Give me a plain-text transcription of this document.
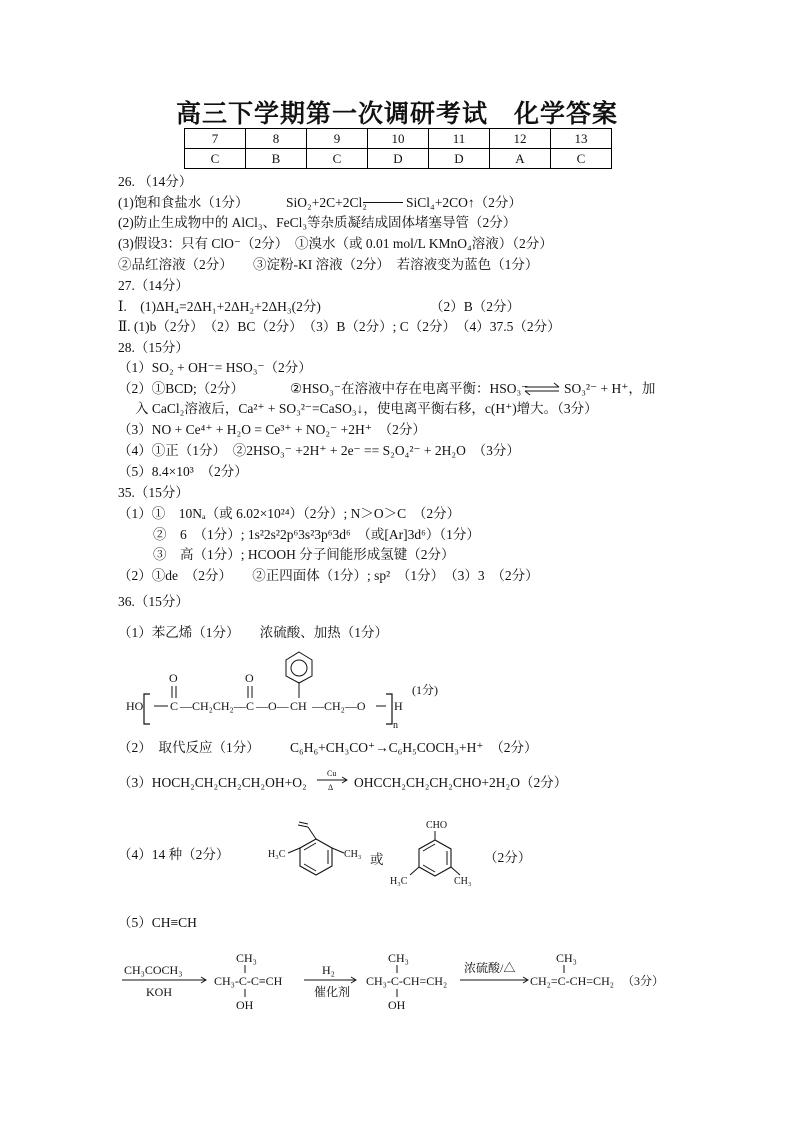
高三下学期第一次调研考试　化学答案
7	8	9	10	11	12	13
C	B	C	D	D	A	C
26. （14分）
(1)饱和食盐水（1分）	SiO₂+2C+2Cl₂	SiCl₄+2CO↑（2分）
(2)防止生成物中的 AlCl₃、FeCl₃等杂质凝结成固体堵塞导管（2分）
(3)假设3：只有 ClO⁻（2分）　①溴水（或 0.01 mol/L KMnO₄溶液）（2分）
②品红溶液（2分）　　③淀粉-KI 溶液（2分）　若溶液变为蓝色（1分）
27.（14分）
Ⅰ.　(1)ΔH₄=2ΔH₁+2ΔH₂+2ΔH₃(2分)	（2）B（2分）
Ⅱ. (1)b（2分）　（2）BC（2分）　（3）B（2分）; C（2分）　（4）37.5（2分）
28.（15分）
（1）SO₂ + OH⁻= HSO₃⁻（2分）
（2）①BCD;（2分）	②HSO₃⁻在溶液中存在电离平衡：HSO₃⁻ ⇌ SO₃²⁻ + H⁺，加
入 CaCl₂溶液后，Ca²⁺ + SO₃²⁻=CaSO₃↓，使电离平衡右移，c(H⁺)增大。（3分）
（3）NO + Ce⁴⁺ + H₂O = Ce³⁺ + NO₂⁻ +2H⁺　（2分）
（4）①正（1分）　②2HSO₃⁻ +2H⁺ + 2e⁻ == S₂O₄²⁻ + 2H₂O　（3分）
（5）8.4×10³　（2分）
35.（15分）
（1）①　10Nₐ（或 6.02×10²⁴）（2分）; N＞O＞C　（2分）
②　6　（1分）; 1s²2s²2p⁶3s²3p⁶3d⁶　（或[Ar]3d⁶）（1分）
③　高（1分）; HCOOH 分子间能形成氢键（2分）
（2）①de　（2分）　　②正四面体（1分）; sp²　（1分）　（3）3　（2分）
36.（15分）
（1）苯乙烯（1分）　　浓硫酸、加热（1分）
HO C
O
—CH₂CH₂— C
O
—O— CH —CH₂—O
n
H
(1分)
（2）　取代反应（1分） C₆H₆+CH₃CO⁺→C₆H₅COCH₃+H⁺　（2分）
（3）HOCH₂CH₂CH₂CH₂OH+O₂
Cu
Δ OHCCH₂CH₂CH₂CHO+2H₂O（2分）
（4）14 种（2分）	H₃C	CH₃ 或
CHO
H₃C	CH₃
（2分）
（5）CH≡CH
CH₃COCH₃
KOH
CH₃
CH₃-C-C≡CH
OH
H₂
催化剂
CH₃
CH₃-C-CH=CH₂
OH
浓硫酸/△
CH₃
CH₂=C-CH=CH₂ （3分）
